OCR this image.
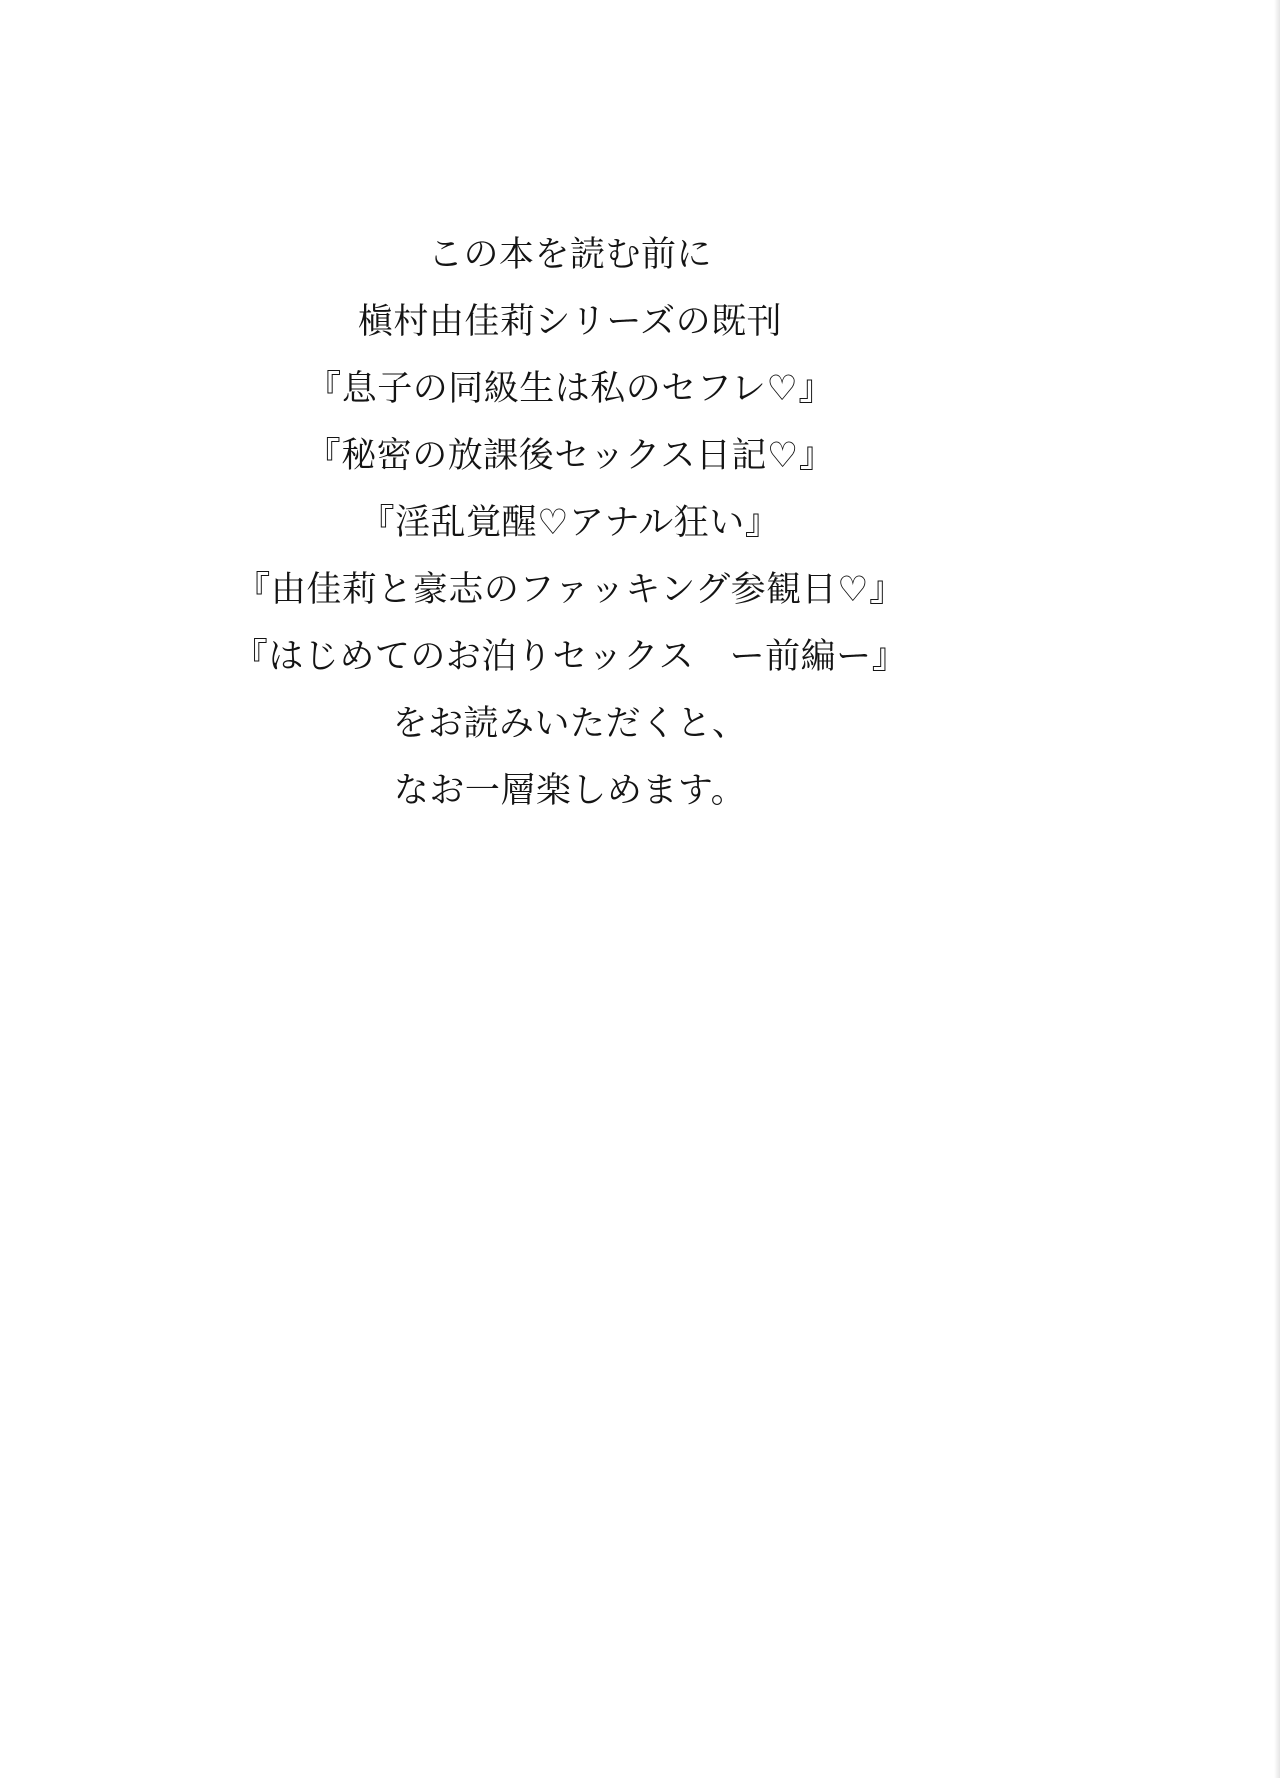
この本を読む前に
槇村由佳莉シリーズの既刊
『息子の同級生は私のセフレ♡』
『秘密の放課後セックス日記♡』
『淫乱覚醒♡アナル狂い』
『由佳莉と豪志のファッキング参観日♡』
『はじめてのお泊りセックス　ー前編ー』
をお読みいただくと、
なお一層楽しめます。
